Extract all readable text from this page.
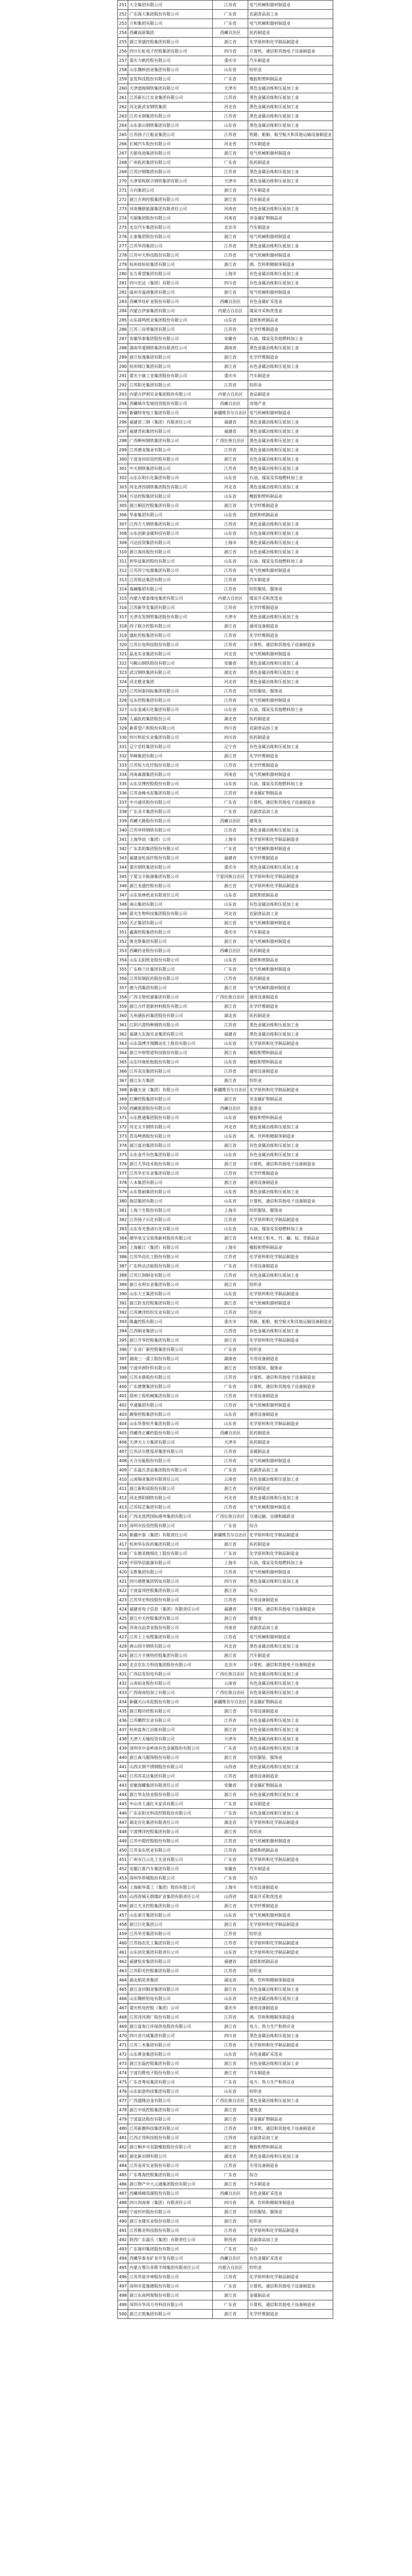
251	大全集团有限公司	江苏省	电气机械和器材制造业
252	广东海大集团股份有限公司	广东省	农副食品加工业
253	万和集团有限公司	广东省	电气机械和器材制造业
254	西藏高原集团	西藏自治区	医药制造业
255	浙江荣盛控股集团有限公司	浙江省	化学原料和化学制品制造业
256	四川长虹电子控股集团有限公司	四川省	计算机、通信和其他电子设备制造业
257	重庆力帆控股有限公司	重庆市	汽车制造业
258	山东魏桥创业集团有限公司	山东省	纺织业
259	金发科技股份有限公司	广东省	橡胶和塑料制品业
260	天津渤海钢铁集团有限公司	天津市	黑色金属冶炼和压延加工业
261	江苏新长江实业集团有限公司	江苏省	黑色金属冶炼和压延加工业
262	河北新武安钢铁集团	河北省	黑色金属冶炼和压延加工业
263	江苏永钢集团有限公司	江苏省	黑色金属冶炼和压延加工业
264	山东泰山钢铁集团有限公司	山东省	黑色金属冶炼和压延加工业
265	江苏扬子江船业集团公司	江苏省	铁路、船舶、航空航天和其他运输设备制造业
266	长城汽车股份有限公司	河北省	汽车制造业
267	天能电池集团有限公司	浙江省	电气机械和器材制造业
268	广州医药集团有限公司	广东省	医药制造业
269	江苏沙钢集团有限公司	江苏省	黑色金属冶炼和压延加工业
270	天津荣程联合钢铁集团有限公司	天津市	黑色金属冶炼和压延加工业
271	万向集团公司	浙江省	汽车制造业
272	浙江吉利控股集团有限公司	浙江省	汽车制造业
273	河南豫联能源集团有限责任公司	河南省	有色金属冶炼和压延加工业
274	天瑞集团股份有限公司	河南省	非金属矿物制品业
275	北京汽车集团有限公司	北京市	汽车制造业
276	正泰集团股份有限公司	浙江省	电气机械和器材制造业
277	江苏华西集团公司	江苏省	黑色金属冶炼和压延加工业
278	江苏中天科技股份有限公司	江苏省	电气机械和器材制造业
279	杭州娃哈哈集团有限公司	浙江省	酒、饮料和精制茶制造业
280	东方希望集团有限公司	上海市	有色金属冶炼和压延加工业
281	四川宏达（集团）有限公司	四川省	有色金属冶炼和压延加工业
282	温州市温商集团有限公司	浙江省	电气机械和器材制造业
283	西藏华钰矿业股份有限公司	西藏自治区	有色金属矿采选业
284	内蒙古伊泰集团有限公司	内蒙古自治区	煤炭开采和洗选业
285	山东晨鸣纸业集团股份有限公司	山东省	造纸和纸制品业
286	江苏三房巷集团有限公司	江苏省	化学纤维制造业
287	安徽华泰集团股份有限公司	安徽省	石油、煤炭及其他燃料加工业
288	湖南华菱钢铁集团有限责任公司	湖南省	黑色金属冶炼和压延加工业
289	浙江恒逸集团有限公司	浙江省	化学纤维制造业
290	杭州锦江集团有限公司	浙江省	有色金属冶炼和压延加工业
291	重庆小康工业集团股份有限公司	重庆市	汽车制造业
292	江苏阳光集团有限公司	江苏省	纺织业
293	内蒙古伊利实业集团股份有限公司	内蒙古自治区	食品制造业
294	西藏城市发展投资股份有限公司	西藏自治区	房地产业
295	新疆特变电工集团有限公司	新疆维吾尔自治区	电气机械和器材制造业
296	福建省三钢（集团）有限责任公司	福建省	黑色金属冶炼和压延加工业
297	福建青拓集团有限公司	福建省	黑色金属冶炼和压延加工业
298	广西柳州钢铁集团有限公司	广西壮族自治区	黑色金属冶炼和压延加工业
299	江苏德龙镍业有限公司	江苏省	黑色金属冶炼和压延加工业
300	宁波金田投资控股有限公司	浙江省	有色金属冶炼和压延加工业
301	中天钢铁集团有限公司	江苏省	黑色金属冶炼和压延加工业
302	山东东明石化集团有限公司	山东省	石油、煤炭及其他燃料加工业
303	河北津西钢铁集团股份有限公司	河北省	黑色金属冶炼和压延加工业
304	万达控股集团有限公司	山东省	橡胶和塑料制品业
305	浙江桐昆控股集团有限公司	浙江省	化学纤维制造业
306	华泰集团有限公司	山东省	造纸和纸制品业
307	江西方大钢铁集团有限公司	江西省	黑色金属冶炼和压延加工业
308	山东创新金属科技有限公司	山东省	有色金属冶炼和压延加工业
309	兴达投资集团有限公司	上海市	黑色金属冶炼和压延加工业
310	浙江海亮股份有限公司	浙江省	有色金属冶炼和压延加工业
311	利华益集团股份有限公司	山东省	石油、煤炭及其他燃料加工业
312	江苏苏宁电器集团有限公司	江苏省	电气机械和器材制造业
313	江苏悦达集团有限公司	江苏省	汽车制造业
314	海澜集团有限公司	江苏省	纺织服装、服饰业
315	内蒙古蒙泰煤电集团有限公司	内蒙古自治区	煤炭开采和洗选业
316	江苏新华发集团有限公司	江苏省	化学纤维制造业
317	天津友发钢管集团股份有限公司	天津市	黑色金属冶炼和压延加工业
318	西子联合控股有限公司	浙江省	通用设备制造业
319	盛虹控股集团有限公司	江苏省	化学纤维制造业
320	江苏长电科技股份有限公司	江苏省	计算机、通信和其他电子设备制造业
321	晶龙实业集团有限公司	河北省	电气机械和器材制造业
322	马鞍山钢铁股份有限公司	安徽省	黑色金属冶炼和压延加工业
323	武汉钢铁集团有限公司	湖北省	黑色金属冶炼和压延加工业
324	河北敬业集团	河北省	黑色金属冶炼和压延加工业
325	江苏国泰国际集团有限公司	江苏省	纺织服装、服饰业
326	远东控股集团有限公司	江苏省	电气机械和器材制造业
327	山东金诚石化集团有限公司	山东省	石油、煤炭及其他燃料加工业
328	人福医药集团股份公司	湖北省	医药制造业
329	新希望六和股份有限公司	四川省	农副食品加工业
330	四川科伦实业集团有限公司	四川省	医药制造业
331	辽宁忠旺集团有限公司	辽宁省	有色金属冶炼和压延加工业
332	华峰集团有限公司	浙江省	化学纤维制造业
333	江苏恒力化纤股份有限公司	江苏省	化学纤维制造业
334	河南森源集团有限公司	河南省	电气机械和器材制造业
335	山东京博控股股份有限公司	山东省	石油、煤炭及其他燃料加工业
336	江苏金峰水泥集团有限公司	江苏省	非金属矿物制品业
337	中兴通讯股份有限公司	广东省	计算机、通信和其他电子设备制造业
338	广东圣丰集团有限公司	广东省	农副食品加工业
339	西藏天路股份有限公司	西藏自治区	建筑业
340	江苏申特钢铁有限公司	江苏省	黑色金属冶炼和压延加工业
341	上海华谊（集团）公司	上海市	化学原料和化学制品制造业
342	广东美的集团股份有限公司	广东省	电气机械和器材制造业
343	福建金纶高纤股份有限公司	福建省	化学纤维制造业
344	重庆钢铁集团有限公司	重庆市	黑色金属冶炼和压延加工业
345	宁夏宝丰能源集团有限公司	宁夏回族自治区	化学原料和化学制品制造业
346	浙江龙盛控股有限公司	浙江省	化学原料和化学制品制造业
347	山东泉林纸业有限责任公司	山东省	造纸和纸制品业
348	南山集团有限公司	山东省	有色金属冶炼和压延加工业
349	晨光生物科技集团股份有限公司	河北省	农副食品加工业
350	天正集团有限公司	浙江省	电气机械和器材制造业
351	鑫源控股集团有限公司	重庆市	汽车制造业
352	奥克斯集团有限公司	浙江省	电气机械和器材制造业
353	西藏药业股份有限公司	西藏自治区	医药制造业
354	山东太阳纸业股份有限公司	山东省	造纸和纸制品业
355	广东格兰仕集团有限公司	广东省	电气机械和器材制造业
356	江苏恒瑞医药股份有限公司	江苏省	医药制造业
357	德力西集团有限公司	浙江省	电气机械和器材制造业
358	广西玉柴机器集团有限公司	广西壮族自治区	通用设备制造业
359	浙江古纤道新材料股份有限公司	浙江省	化学纤维制造业
360	九州通医药集团股份有限公司	湖北省	医药制造业
361	江阴兴澄特种钢铁有限公司	江苏省	黑色金属冶炼和压延加工业
362	福建大东海实业集团有限公司	福建省	黑色金属冶炼和压延加工业
363	山东淄博齐翔腾达化工股份有限公司	山东省	化学原料和化学制品制造业
364	浙江中财管道科技股份有限公司	浙江省	橡胶和塑料制品业
365	山东玲珑轮胎股份有限公司	山东省	橡胶和塑料制品业
366	江苏双良集团有限公司	江苏省	通用设备制造业
367	浙江东方集团	浙江省	纺织业
368	新疆天业（集团）有限公司	新疆维吾尔自治区	化学原料和化学制品制造业
369	红狮控股集团有限公司	浙江省	非金属矿物制品业
370	西藏旅游股份有限公司	西藏自治区	旅游业
371	山东胜通集团股份有限公司	山东省	橡胶和塑料制品业
372	河北文丰钢铁有限公司	河北省	黑色金属冶炼和压延加工业
373	青岛啤酒股份有限公司	山东省	酒、饮料和精制茶制造业
374	浙江富冶集团有限公司	浙江省	有色金属冶炼和压延加工业
375	山东金升有色集团有限公司	山东省	有色金属冶炼和压延加工业
376	浙江大华技术股份有限公司	浙江省	计算机、通信和其他电子设备制造业
377	江苏华宏实业集团有限公司	江苏省	化学纤维制造业
378	人本集团有限公司	浙江省	通用设备制造业
379	山东鲁丽集团有限公司	山东省	黑色金属冶炼和压延加工业
380	海信集团有限公司	山东省	计算机、通信和其他电子设备制造业
381	上海兰生股份有限公司	上海市	纺织服装、服饰业
382	江苏扬子石化有限公司	江苏省	化学原料和化学制品制造业
383	山东寿光鲁清石化有限公司	山东省	石油、煤炭及其他燃料加工业
384	德华兔宝宝装饰新材股份有限公司	浙江省	木材加工和木、竹、藤、棕、草制品业
385	上海紫江（集团）有限公司	上海市	橡胶和塑料制品业
386	江苏华昌化工股份有限公司	江苏省	化学原料和化学制品制造业
387	广东科达洁能股份有限公司	广东省	专用设备制造业
388	江苏江润铜业有限公司	江苏省	有色金属冶炼和压延加工业
389	浙江永利实业集团有限公司	浙江省	纺织业
390	山东大王集团有限公司	山东省	化学原料和化学制品制造业
391	浙江卧龙控股集团有限公司	浙江省	电气机械和器材制造业
392	江苏澳洋纺织实业有限公司	江苏省	纺织业
393	隆鑫控股有限公司	重庆市	铁路、船舶、航空航天和其他运输设备制造业
394	江西铜业集团公司	江西省	有色金属冶炼和压延加工业
395	浙江升华控股集团有限公司	浙江省	化学原料和化学制品制造业
396	广东省广新控股集团有限公司	广东省	纺织业
397	湖南三一重工股份有限公司	湖南省	专用设备制造业
398	宁波申洲针织有限公司	浙江省	纺织服装、服饰业
399	江苏永鼎股份有限公司	江苏省	计算机、通信和其他电子设备制造业
400	广东德赛集团有限公司	广东省	计算机、通信和其他电子设备制造业
401	徐州工程机械集团有限公司	江苏省	专用设备制造业
402	亨通集团有限公司	江苏省	电气机械和器材制造业
403	潍柴控股集团有限公司	山东省	通用设备制造业
404	山东华鲁恒升集团有限公司	山东省	化学原料和化学制品制造业
405	西藏奇正藏药股份有限公司	西藏自治区	医药制造业
406	天津天士力集团有限公司	天津市	医药制造业
407	江苏法尔胜泓昇集团有限公司	江苏省	金属制品业
408	天合光能股份有限公司	江苏省	电气机械和器材制造业
409	广东温氏食品集团股份有限公司	广东省	农副食品加工业
410	云南锡业集团有限责任公司	云南省	有色金属冶炼和压延加工业
411	浙江新和成股份有限公司	浙江省	医药制造业
412	河北普阳钢铁有限公司	河北省	黑色金属冶炼和压延加工业
413	江苏综艺集团有限公司	江苏省	电气机械和器材制造业
414	广西北部湾国际港务集团有限公司	广西壮族自治区	交通运输、仓储和邮政业
415	深圳市投资控股有限公司	广东省	综合
416	新疆中泰（集团）有限责任公司	新疆维吾尔自治区	化学原料和化学制品制造业
417	杭州华东医药集团有限公司	浙江省	医药制造业
418	广东德美精细化工股份有限公司	广东省	化学原料和化学制品制造业
419	中国华信能源有限公司	上海市	石油、煤炭及其他燃料加工业
420	宝胜集团有限公司	江苏省	电气机械和器材制造业
421	四川德胜集团钒钛有限公司	四川省	黑色金属冶炼和压延加工业
422	宁波富邦控股集团有限公司	浙江省	综合
423	江苏华宏科技股份有限公司	江苏省	专用设备制造业
424	福建省电子信息（集团）有限责任公司	福建省	计算机、通信和其他电子设备制造业
425	浙江中天控股集团有限公司	浙江省	建筑业
426	河南众品食业股份有限公司	河南省	农副食品加工业
427	江苏上上电缆集团有限公司	江苏省	电气机械和器材制造业
428	唐山国丰钢铁有限公司	河北省	黑色金属冶炼和压延加工业
429	浙江万丰奥特控股集团有限公司	浙江省	汽车制造业
430	北京京东方科技集团股份有限公司	北京市	计算机、通信和其他电子设备制造业
431	广西信发铝电有限公司	广西壮族自治区	有色金属冶炼和压延加工业
432	云南铝业股份有限公司	云南省	有色金属冶炼和压延加工业
433	广西南南铝加工有限公司	广西壮族自治区	有色金属冶炼和压延加工业
434	新疆天山水泥股份有限公司	新疆维吾尔自治区	非金属矿物制品业
435	浙江精功控股有限公司	浙江省	专用设备制造业
436	江苏鹏欣实业有限公司	江苏省	有色金属冶炼和压延加工业
437	杭州富春江冶炼有限公司	浙江省	有色金属冶炼和压延加工业
438	天津大无缝投资有限公司	天津市	黑色金属冶炼和压延加工业
439	深圳市中金岭南有色金属股份有限公司	广东省	有色金属冶炼和压延加工业
440	浙江森马服饰股份有限公司	浙江省	纺织服装、服饰业
441	山西太钢不锈钢股份有限公司	山西省	黑色金属冶炼和压延加工业
442	江苏苏美达集团有限公司	江苏省	通用设备制造业
443	安徽海螺集团有限责任公司	安徽省	非金属矿物制品业
444	浙江华友钴业股份有限公司	浙江省	有色金属冶炼和压延加工业
445	中山市大涌红木家具有限公司	广东省	家具制造业
446	广东东阳光科技控股股份有限公司	广东省	有色金属冶炼和压延加工业
447	湖北宜化集团有限责任公司	湖北省	化学原料和化学制品制造业
448	宁波博洋控股集团有限公司	浙江省	纺织业
449	江苏中超控股股份有限公司	江苏省	电气机械和器材制造业
450	江苏金东纸业有限公司	江苏省	造纸和纸制品业
451	广州市白云化工实业有限公司	广东省	化学原料和化学制品制造业
452	安徽江淮汽车集团有限公司	安徽省	汽车制造业
453	深圳华侨城股份有限公司	广东省	综合
454	上海振华重工（集团）股份有限公司	上海市	专用设备制造业
455	山西晋城无烟煤矿业集团有限责任公司	山西省	煤炭开采和洗选业
456	浙江天圣控股集团有限公司	浙江省	化学纤维制造业
457	山东泰开集团有限公司	山东省	电气机械和器材制造业
458	浙江巨化集团公司	浙江省	化学原料和化学制品制造业
459	江苏华芳集团有限公司	江苏省	纺织业
460	江苏扬农化工集团有限公司	江苏省	化学原料和化学制品制造业
461	山东滨化集团有限责任公司	山东省	化学原料和化学制品制造业
462	福建恒安集团有限公司	福建省	造纸和纸制品业
463	江苏阳光控股集团有限公司	江苏省	纺织业
464	湖北稻花香集团	湖北省	酒、饮料和精制茶制造业
465	浙江金田铜业集团有限公司	浙江省	有色金属冶炼和压延加工业
466	山东魏桥铝电有限公司	山东省	有色金属冶炼和压延加工业
467	重庆机电控股（集团）公司	重庆市	通用设备制造业
468	江苏洋河酒厂股份有限公司	江苏省	酒、饮料和精制茶制造业
469	浙江富春江环保热电股份有限公司	浙江省	电力、热力生产和供应业
470	四川省川威集团有限公司	四川省	黑色金属冶炼和压延加工业
471	江苏三木集团有限公司	江苏省	化学原料和化学制品制造业
472	山东黄金集团有限公司	山东省	有色金属矿采选业
473	浙江宏磊控股集团有限公司	浙江省	有色金属冶炼和压延加工业
474	宁波均胜电子股份有限公司	浙江省	汽车制造业
475	广东省粤电集团有限公司	广东省	电力、热力生产和供应业
476	山东如意科技集团有限公司	山东省	纺织业
477	广西盛隆冶金有限公司	广西壮族自治区	黑色金属冶炼和压延加工业
478	浙江中成控股集团有限公司	浙江省	建筑业
479	宁波富达股份有限公司	浙江省	非金属矿物制品业
480	江苏新潮科技集团有限公司	江苏省	计算机、通信和其他电子设备制造业
481	江西正邦科技股份有限公司	江西省	农副食品加工业
482	浙江桐乡市双箭橡胶股份有限公司	浙江省	橡胶和塑料制品业
483	湖北新冶钢有限公司	湖北省	黑色金属冶炼和压延加工业
484	江苏金昇实业股份有限公司	江苏省	专用设备制造业
485	广东粤海控股集团有限公司	广东省	综合
486	浙江物产中大元通集团股份有限公司	浙江省	汽车制造业
487	西藏珠峰资源股份有限公司	西藏自治区	有色金属矿采选业
488	四川剑南春（集团）有限责任公司	四川省	酒、饮料和精制茶制造业
489	宁波杉杉股份有限公司	浙江省	纺织服装、服饰业
490	浙江永隆实业股份有限公司	浙江省	纺织业
491	江苏雅克科技股份有限公司	江苏省	化学原料和化学制品制造业
492	陕西广东温氏（集团）有限责任公司	陕西省	农副食品加工业
493	广东海印集团股份有限公司	广东省	综合
494	西藏华泰龙矿业开发有限公司	西藏自治区	有色金属矿采选业
495	内蒙古鄂尔多斯羊绒集团有限责任公司	内蒙古自治区	纺织业
496	江苏苏盐井神股份有限公司	江苏省	化学原料和化学制品制造业
497	深圳市爱施德股份有限公司	广东省	计算机、通信和其他电子设备制造业
498	浙江东南网架股份有限公司	浙江省	金属制品业
499	深圳市华讯方舟科技有限公司	广东省	计算机、通信和其他电子设备制造业
500	浙江正凯集团有限公司	浙江省	化学纤维制造业
